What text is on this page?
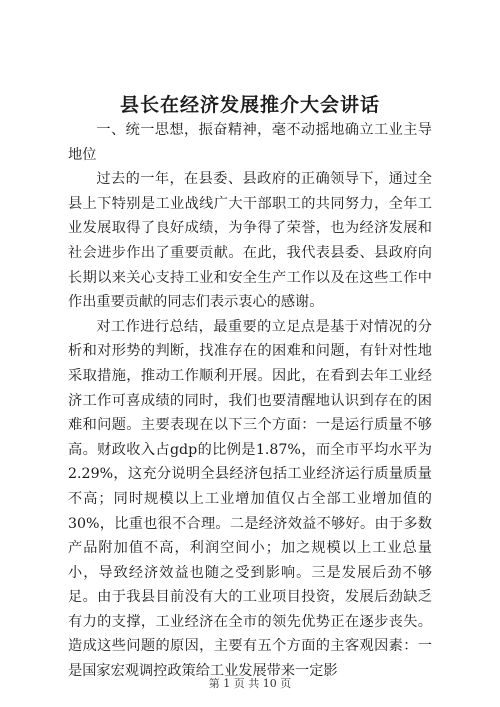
县长在经济发展推介大会讲话

一、统一思想，振奋精神，毫不动摇地确立工业主导地位

过去的一年，在县委、县政府的正确领导下，通过全县上下特别是工业战线广大干部职工的共同努力，全年工业发展取得了良好成绩，为争得了荣誉，也为经济发展和社会进步作出了重要贡献。在此，我代表县委、县政府向长期以来关心支持工业和安全生产工作以及在这些工作中作出重要贡献的同志们表示衷心的感谢。

对工作进行总结，最重要的立足点是基于对情况的分析和对形势的判断，找准存在的困难和问题，有针对性地采取措施，推动工作顺利开展。因此，在看到去年工业经济工作可喜成绩的同时，我们也要清醒地认识到存在的困难和问题。主要表现在以下三个方面：一是运行质量不够高。财政收入占gdp的比例是1.87%，而全市平均水平为2.29%，这充分说明全县经济包括工业经济运行质量质量不高；同时规模以上工业增加值仅占全部工业增加值的30%，比重也很不合理。二是经济效益不够好。由于多数产品附加值不高，利润空间小；加之规模以上工业总量小，导致经济效益也随之受到影响。三是发展后劲不够足。由于我县目前没有大的工业项目投资，发展后劲缺乏有力的支撑，工业经济在全市的领先优势正在逐步丧失。造成这些问题的原因，主要有五个方面的主客观因素：一是国家宏观调控政策给工业发展带来一定影

第 1 页 共 10 页
